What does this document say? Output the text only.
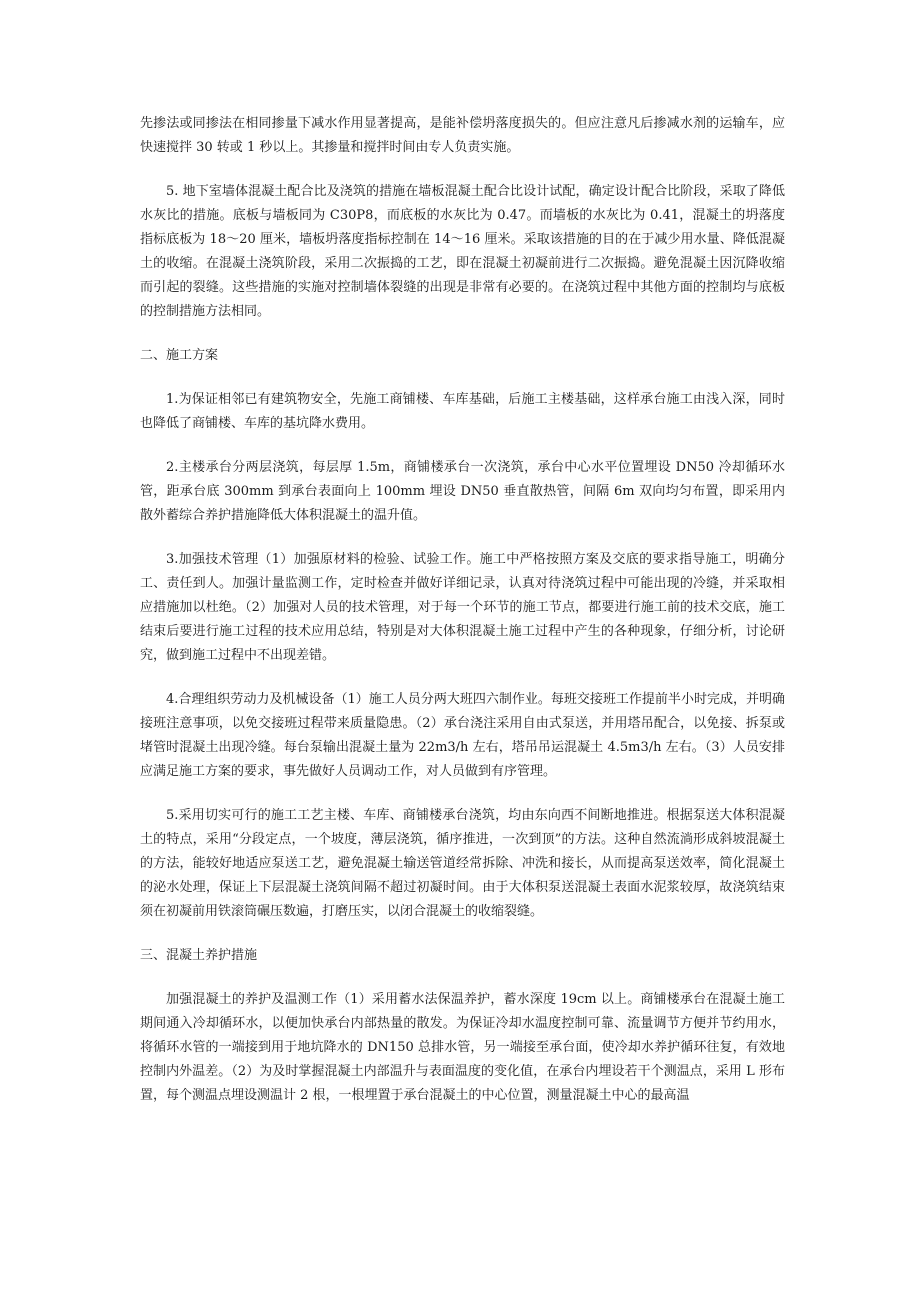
先掺法或同掺法在相同掺量下减水作用显著提高，是能补偿坍落度损失的。但应注意凡后掺减水剂的运输车，应快速搅拌 30 转或 1 秒以上。其掺量和搅拌时间由专人负责实施。

5. 地下室墙体混凝土配合比及浇筑的措施在墙板混凝土配合比设计试配，确定设计配合比阶段，采取了降低水灰比的措施。底板与墙板同为 C30P8，而底板的水灰比为 0.47。而墙板的水灰比为 0.41，混凝土的坍落度指标底板为 18～20 厘米，墙板坍落度指标控制在 14～16 厘米。采取该措施的目的在于减少用水量、降低混凝土的收缩。在混凝土浇筑阶段，采用二次振捣的工艺，即在混凝土初凝前进行二次振捣。避免混凝土因沉降收缩而引起的裂缝。这些措施的实施对控制墙体裂缝的出现是非常有必要的。在浇筑过程中其他方面的控制均与底板的控制措施方法相同。

二、施工方案

1.为保证相邻已有建筑物安全，先施工商铺楼、车库基础，后施工主楼基础，这样承台施工由浅入深，同时也降低了商铺楼、车库的基坑降水费用。

2.主楼承台分两层浇筑，每层厚 1.5m，商铺楼承台一次浇筑，承台中心水平位置埋设 DN50 冷却循环水管，距承台底 300mm 到承台表面向上 100mm 埋设 DN50 垂直散热管，间隔 6m 双向均匀布置，即采用内散外蓄综合养护措施降低大体积混凝土的温升值。

3.加强技术管理（1）加强原材料的检验、试验工作。施工中严格按照方案及交底的要求指导施工，明确分工、责任到人。加强计量监测工作，定时检查并做好详细记录，认真对待浇筑过程中可能出现的冷缝，并采取相应措施加以杜绝。（2）加强对人员的技术管理，对于每一个环节的施工节点，都要进行施工前的技术交底，施工结束后要进行施工过程的技术应用总结，特别是对大体积混凝土施工过程中产生的各种现象，仔细分析，讨论研究，做到施工过程中不出现差错。

4.合理组织劳动力及机械设备（1）施工人员分两大班四六制作业。每班交接班工作提前半小时完成，并明确接班注意事项，以免交接班过程带来质量隐患。（2）承台浇注采用自由式泵送，并用塔吊配合，以免接、拆泵或堵管时混凝土出现冷缝。每台泵输出混凝土量为 22m3/h 左右，塔吊吊运混凝土 4.5m3/h 左右。（3）人员安排应满足施工方案的要求，事先做好人员调动工作，对人员做到有序管理。

5.采用切实可行的施工工艺主楼、车库、商铺楼承台浇筑，均由东向西不间断地推进。根据泵送大体积混凝土的特点，采用“分段定点，一个坡度，薄层浇筑，循序推进，一次到顶”的方法。这种自然流淌形成斜坡混凝土的方法，能较好地适应泵送工艺，避免混凝土输送管道经常拆除、冲洗和接长，从而提高泵送效率，简化混凝土的泌水处理，保证上下层混凝土浇筑间隔不超过初凝时间。由于大体积泵送混凝土表面水泥浆较厚，故浇筑结束须在初凝前用铁滚筒碾压数遍，打磨压实，以闭合混凝土的收缩裂缝。

三、混凝土养护措施

加强混凝土的养护及温测工作（1）采用蓄水法保温养护，蓄水深度 19cm 以上。商铺楼承台在混凝土施工期间通入冷却循环水，以便加快承台内部热量的散发。为保证冷却水温度控制可靠、流量调节方便并节约用水，将循环水管的一端接到用于地坑降水的 DN150 总排水管，另一端接至承台面，使冷却水养护循环往复，有效地控制内外温差。（2）为及时掌握混凝土内部温升与表面温度的变化值，在承台内埋设若干个测温点，采用 L 形布置，每个测温点埋设测温计 2 根，一根埋置于承台混凝土的中心位置，测量混凝土中心的最高温
